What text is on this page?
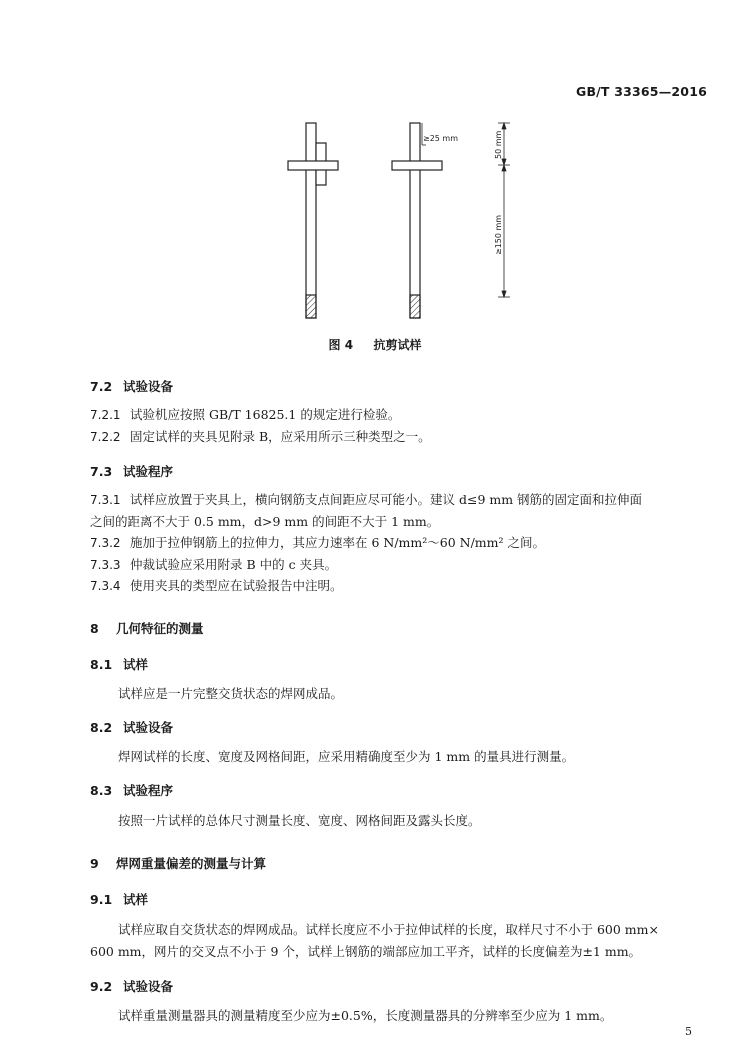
GB/T 33365—2016
≥25 mm	50 mm
≥150 mm
图 4 抗剪试样
7.2 试验设备
7.2.1 试验机应按照 GB/T 16825.1 的规定进行检验。
7.2.2 固定试样的夹具见附录 B，应采用所示三种类型之一。
7.3 试验程序
7.3.1 试样应放置于夹具上，横向钢筋支点间距应尽可能小。建议 d≤9 mm 钢筋的固定面和拉伸面
之间的距离不大于 0.5 mm，d>9 mm 的间距不大于 1 mm。
7.3.2 施加于拉伸钢筋上的拉伸力，其应力速率在 6 N/mm²～60 N/mm² 之间。
7.3.3 仲裁试验应采用附录 B 中的 c 夹具。
7.3.4 使用夹具的类型应在试验报告中注明。
8 几何特征的测量
8.1 试样
试样应是一片完整交货状态的焊网成品。
8.2 试验设备
焊网试样的长度、宽度及网格间距，应采用精确度至少为 1 mm 的量具进行测量。
8.3 试验程序
按照一片试样的总体尺寸测量长度、宽度、网格间距及露头长度。
9 焊网重量偏差的测量与计算
9.1 试样
试样应取自交货状态的焊网成品。试样长度应不小于拉伸试样的长度，取样尺寸不小于 600 mm×
600 mm，网片的交叉点不小于 9 个，试样上钢筋的端部应加工平齐，试样的长度偏差为±1 mm。
9.2 试验设备
试样重量测量器具的测量精度至少应为±0.5%，长度测量器具的分辨率至少应为 1 mm。
5
